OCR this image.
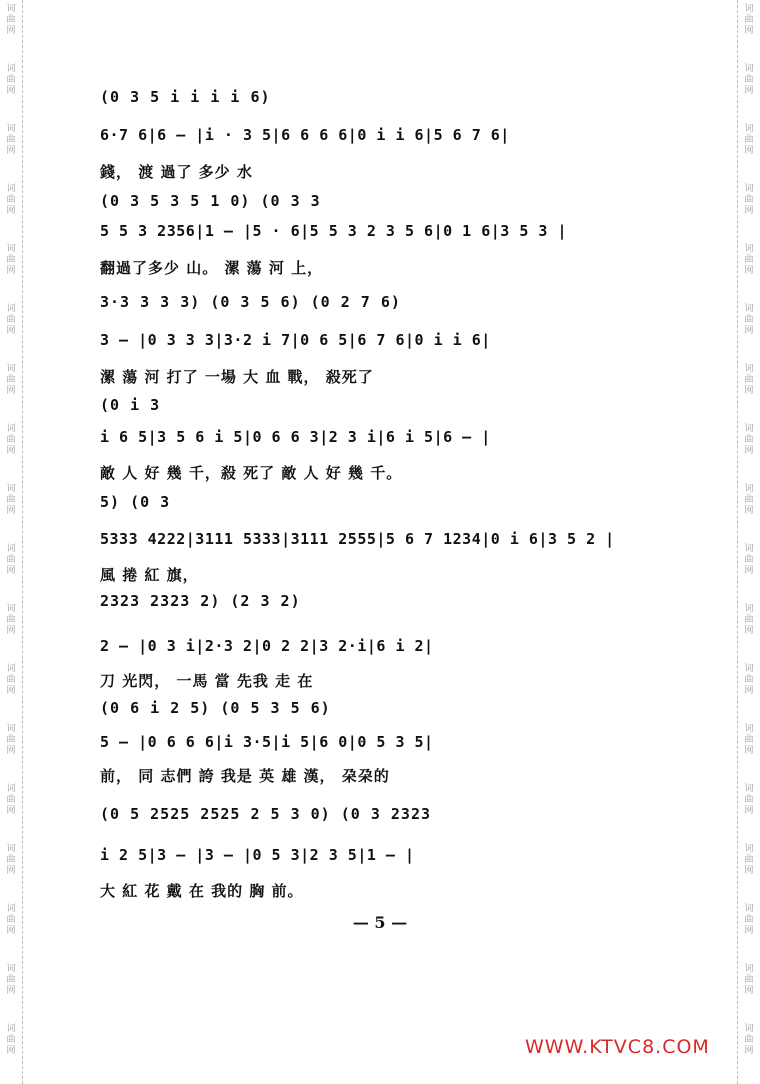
(0 3 5 i i i i 6)
6·7 6|6 — |i · 3 5|6 6 6 6|0 i i 6|5 6 7 6|
錢， 渡 過了 多少 水
(0 3 5 3 5 1 0) (0 3 3
5 5 3 2356|1 — |5 · 6|5 5 3 2 3 5 6|0 1 6|3 5 3 |
翻過了多少 山。 漯 蕩 河 上，
3·3 3 3 3) (0 3 5 6) (0 2 7 6)
3 — |0 3 3 3|3·2 i 7|0 6 5|6 7 6|0 i i 6|
漯 蕩 河 打了 一場 大 血 戰， 殺死了
(0 i 3
i 6 5|3 5 6 i 5|0 6 6 3|2 3 i|6 i 5|6 — |
敵 人 好 幾 千，殺 死了 敵 人 好 幾 千。
5) (0 3
5333 4222|3111 5333|3111 2555|5 6 7 1234|0 i 6|3 5 2 |
風 捲 紅 旗，
2323 2323 2) (2 3 2)
2 — |0 3 i|2·3 2|0 2 2|3 2·i|6 i 2|
刀 光閃， 一馬 當 先我 走 在
(0 6 i 2 5) (0 5 3 5 6)
5 — |0 6 6 6|i 3·5|i 5|6 0|0 5 3 5|
前， 同 志們 誇 我是 英 雄 漢， 朶朶的
(0 5 2525 2525 2 5 3 0) (0 3 2323
i 2 5|3 — |3 — |0 5 3|2 3 5|1 — |
大 紅 花 戴 在 我的 胸 前。
— 5 —
WWW.KTVC8.COM
词
曲
网
词
曲
网
词
曲
网
词
曲
网
词
曲
网
词
曲
网
词
曲
网
词
曲
网
词
曲
网
词
曲
网
词
曲
网
词
曲
网
词
曲
网
词
曲
网
词
曲
网
词
曲
网
词
曲
网
词
曲
网
词
曲
网
词
曲
网
词
曲
网
词
曲
网
词
曲
网
词
曲
网
词
曲
网
词
曲
网
词
曲
网
词
曲
网
词
曲
网
词
曲
网
词
曲
网
词
曲
网
词
曲
网
词
曲
网
词
曲
网
词
曲
网
